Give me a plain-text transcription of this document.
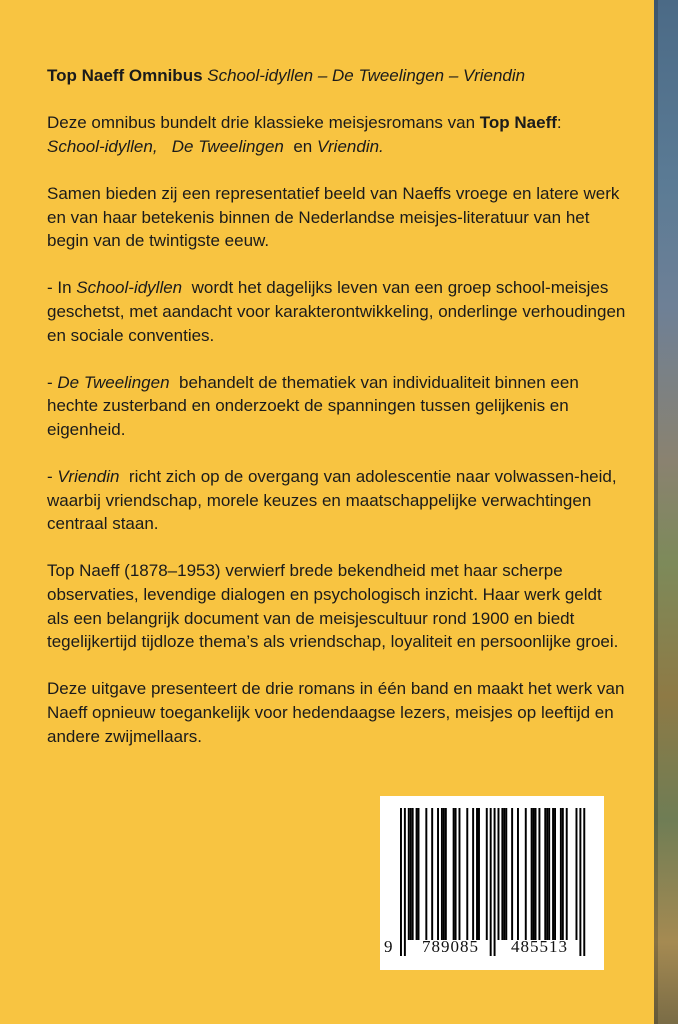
Top Naeff Omnibus School-idyllen – De Tweelingen – Vriendin

Deze omnibus bundelt drie klassieke meisjesromans van Top Naeff:
School-idyllen, De Tweelingen en Vriendin.

Samen bieden zij een representatief beeld van Naeffs vroege en latere werk en van haar betekenis binnen de Nederlandse meisjes-literatuur van het begin van de twintigste eeuw.

- In School-idyllen wordt het dagelijks leven van een groep school-meisjes geschetst, met aandacht voor karakterontwikkeling, onderlinge verhoudingen en sociale conventies.

- De Tweelingen behandelt de thematiek van individualiteit binnen een hechte zusterband en onderzoekt de spanningen tussen gelijkenis en eigenheid.

- Vriendin richt zich op de overgang van adolescentie naar volwassen-heid, waarbij vriendschap, morele keuzes en maatschappelijke verwachtingen centraal staan.

Top Naeff (1878–1953) verwierf brede bekendheid met haar scherpe observaties, levendige dialogen en psychologisch inzicht. Haar werk geldt als een belangrijk document van de meisjescultuur rond 1900 en biedt tegelijkertijd tijdloze thema’s als vriendschap, loyaliteit en persoonlijke groei.

Deze uitgave presenteert de drie romans in één band en maakt het werk van Naeff opnieuw toegankelijk voor hedendaagse lezers, meisjes op leeftijd en andere zwijmellaars.

9 789085 485513
